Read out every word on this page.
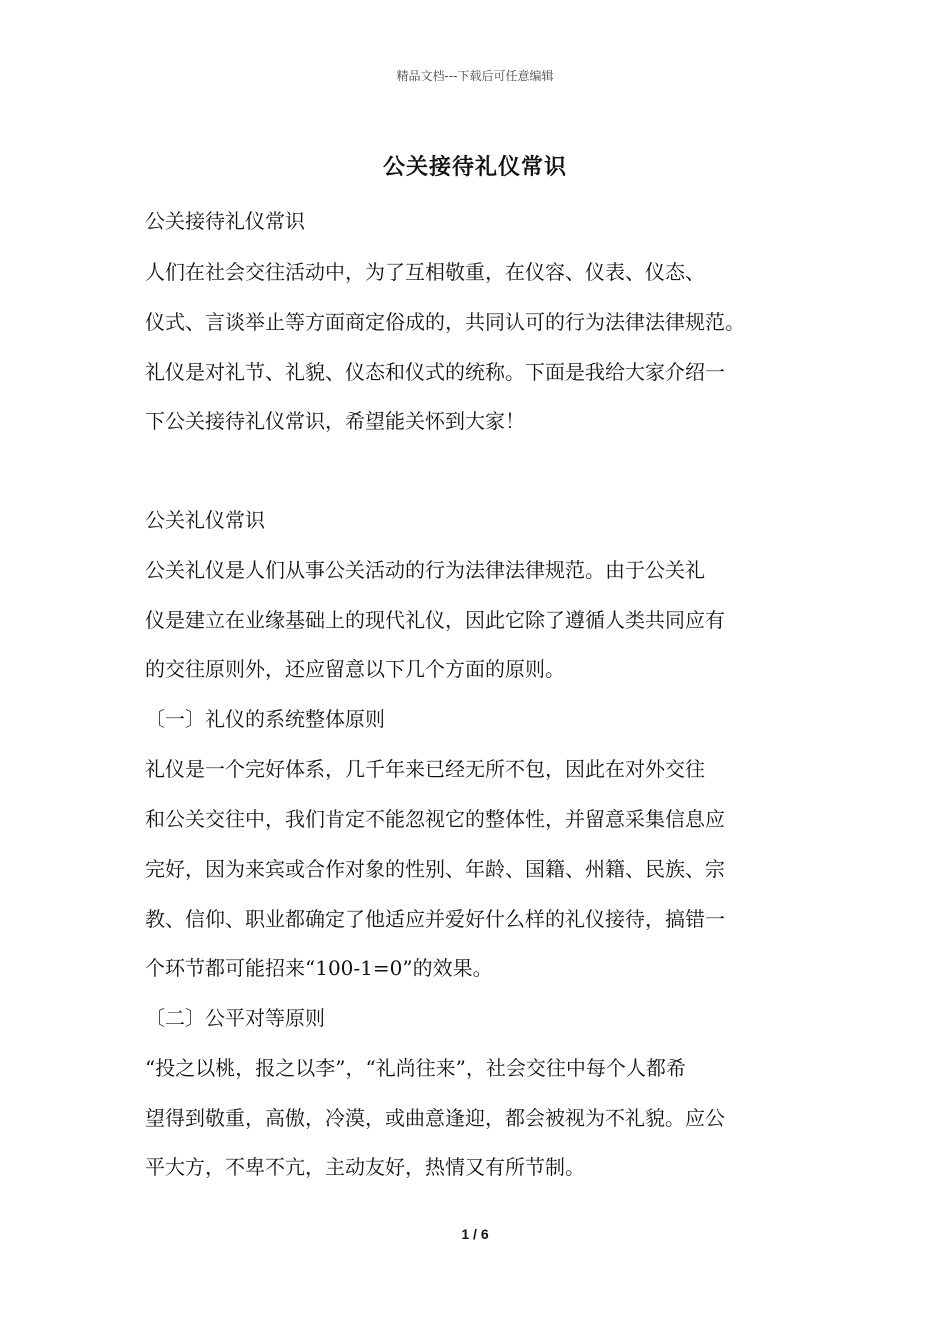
精品文档---下载后可任意编辑
公关接待礼仪常识
公关接待礼仪常识
人们在社会交往活动中，为了互相敬重，在仪容、仪表、仪态、
仪式、言谈举止等方面商定俗成的，共同认可的行为法律法律规范。
礼仪是对礼节、礼貌、仪态和仪式的统称。下面是我给大家介绍一
下公关接待礼仪常识，希望能关怀到大家！
公关礼仪常识
公关礼仪是人们从事公关活动的行为法律法律规范。由于公关礼
仪是建立在业缘基础上的现代礼仪，因此它除了遵循人类共同应有
的交往原则外，还应留意以下几个方面的原则。
〔一〕礼仪的系统整体原则
礼仪是一个完好体系，几千年来已经无所不包，因此在对外交往
和公关交往中，我们肯定不能忽视它的整体性，并留意采集信息应
完好，因为来宾或合作对象的性别、年龄、国籍、州籍、民族、宗
教、信仰、职业都确定了他适应并爱好什么样的礼仪接待，搞错一
个环节都可能招来“100-1=0”的效果。
〔二〕公平对等原则
“投之以桃，报之以李”，“礼尚往来”，社会交往中每个人都希
望得到敬重，高傲，冷漠，或曲意逢迎，都会被视为不礼貌。应公
平大方，不卑不亢，主动友好，热情又有所节制。
1 / 6
